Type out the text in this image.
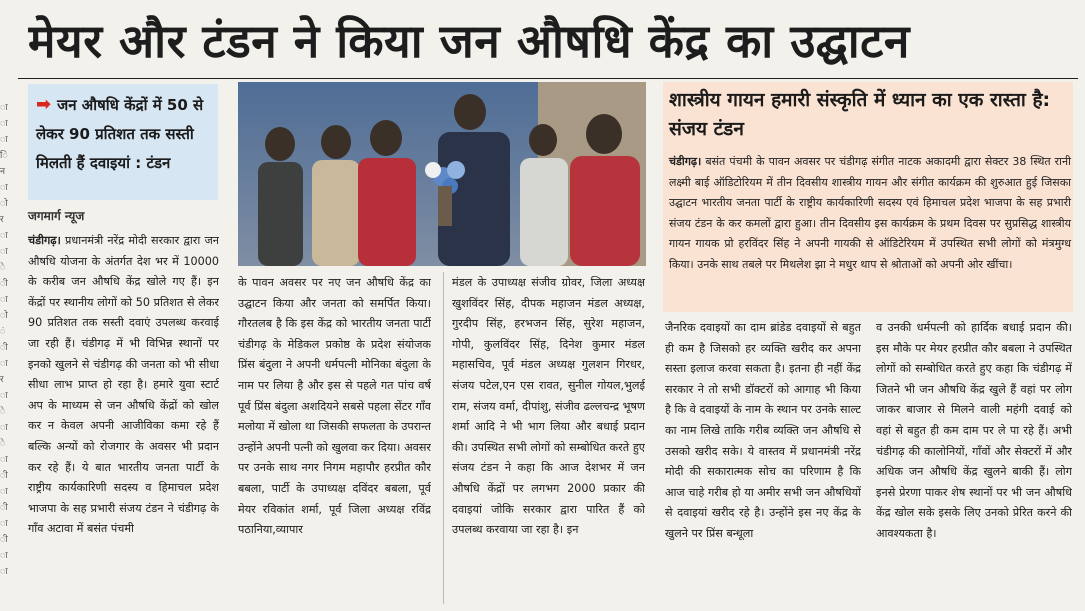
मेयर और टंडन ने किया जन औषधि केंद्र का उद्घाटन
ा
ा
ा
ि
न
ा
ो
र
ा
ा
े
ी
ा
ो
ं
ी
ा
र
ा
े
ा
े
ा
ी
ा
ी
ा
ी
ा
ा
➡ जन औषधि केंद्रों में 50 से लेकर 90 प्रतिशत तक सस्ती मिलती हैं दवाइयां : टंडन
जगमार्ग न्यूज
चंडीगढ़। प्रधानमंत्री नरेंद्र मोदी सरकार द्वारा जन औषधि योजना के अंतर्गत देश भर में 10000 के करीब जन औषधि केंद्र खोले गए हैं। इन केंद्रों पर स्थानीय लोगों को 50 प्रतिशत से लेकर 90 प्रतिशत तक सस्ती दवाएं उपलब्ध करवाई जा रही हैं। चंडीगढ़ में भी विभिन्न स्थानों पर इनको खुलने से चंडीगढ़ की जनता को भी सीधा सीधा लाभ प्राप्त हो रहा है। हमारे युवा स्टार्ट अप के माध्यम से जन औषधि केंद्रों को खोल कर न केवल अपनी आजीविका कमा रहे हैं बल्कि अन्यों को रोजगार के अवसर भी प्रदान कर रहे हैं। ये बात भारतीय जनता पार्टी के राष्ट्रीय कार्यकारिणी सदस्य व हिमाचल प्रदेश भाजपा के सह प्रभारी संजय टंडन ने चंडीगढ़ के गाँव अटावा में बसंत पंचमी
के पावन अवसर पर नए जन औषधि केंद्र का उद्घाटन किया और जनता को समर्पित किया। गौरतलब है कि इस केंद्र को भारतीय जनता पार्टी चंडीगढ़ के मेडिकल प्रकोष्ठ के प्रदेश संयोजक प्रिंस बंदुला ने अपनी धर्मपत्नी मोनिका बंदुला के नाम पर लिया है और इस से पहले गत पांच वर्ष पूर्व प्रिंस बंदुला अशदियने सबसे पहला सेंटर गाँव मलोया में खोला था जिसकी सफलता के उपरान्त उन्होंने अपनी पत्नी को खुलवा कर दिया। अवसर पर उनके साथ नगर निगम महापौर हरप्रीत कौर बबला, पार्टी के उपाध्यक्ष दविंदर बबला, पूर्व मेयर रविकांत शर्मा, पूर्व जिला अध्यक्ष रविंद्र पठानिया,व्यापार
मंडल के उपाध्यक्ष संजीव ग्रोवर, जिला अध्यक्ष खुशविंदर सिंह, दीपक महाजन मंडल अध्यक्ष, गुरदीप सिंह, हरभजन सिंह, सुरेश महाजन, गोपी, कुलविंदर सिंह, दिनेश कुमार मंडल महासचिव, पूर्व मंडल अध्यक्ष गुलशन गिरधर, संजय पटेल,एन एस रावत, सुनील गोयल,भुलई राम, संजय वर्मा, दीपांशु, संजीव ढल्लचन्द्र भूषण शर्मा आदि ने भी भाग लिया और बधाई प्रदान की। उपस्थित सभी लोगों को सम्बोधित करते हुए संजय टंडन ने कहा कि आज देशभर में जन औषधि केंद्रों पर लगभग 2000 प्रकार की दवाइयां जोकि सरकार द्वारा पारित हैं को उपलब्ध करवाया जा रहा है। इन
शास्त्रीय गायन हमारी संस्कृति में ध्यान का एक रास्ता है: संजय टंडन
चंडीगढ़। बसंत पंचमी के पावन अवसर पर चंडीगढ़ संगीत नाटक अकादमी द्वारा सेक्टर 38 स्थित रानी लक्ष्मी बाई ऑडिटोरियम में तीन दिवसीय शास्त्रीय गायन और संगीत कार्यक्रम की शुरुआत हुई जिसका उद्घाटन भारतीय जनता पार्टी के राष्ट्रीय कार्यकारिणी सदस्य एवं हिमाचल प्रदेश भाजपा के सह प्रभारी संजय टंडन के कर कमलों द्वारा हुआ। तीन दिवसीय इस कार्यक्रम के प्रथम दिवस पर सुप्रसिद्ध शास्त्रीय गायन गायक प्रो हरविंदर सिंह ने अपनी गायकी से ऑडिटेरियम में उपस्थित सभी लोगों को मंत्रमुग्ध किया। उनके साथ तबले पर मिथलेश झा ने मधुर थाप से श्रोताओं को अपनी ओर खींचा।
जैनरिक दवाइयों का दाम ब्रांडेड दवाइयों से बहुत ही कम है जिसको हर व्यक्ति खरीद कर अपना सस्ता इलाज करवा सकता है। इतना ही नहीं केंद्र सरकार ने तो सभी डॉक्टरों को आगाह भी किया है कि वे दवाइयों के नाम के स्थान पर उनके साल्ट का नाम लिखे ताकि गरीब व्यक्ति जन औषधि से उसको खरीद सके। ये वास्तव में प्रधानमंत्री नरेंद्र मोदी की सकारात्मक सोच का परिणाम है कि आज चाहे गरीब हो या अमीर सभी जन औषधियों से दवाइयां खरीद रहे है। उन्होंने इस नए केंद्र के खुलने पर प्रिंस बन्धूला
व उनकी धर्मपत्नी को हार्दिक बधाई प्रदान की। इस मौके पर मेयर हरप्रीत कौर बबला ने उपस्थित लोगों को सम्बोधित करते हुए कहा कि चंडीगढ़ में जितने भी जन औषधि केंद्र खुले हैं वहां पर लोग जाकर बाजार से मिलने वाली महंगी दवाई को वहां से बहुत ही कम दाम पर ले पा रहे हैं। अभी चंडीगढ़ की कालोनियों, गाँवों और सेक्टरों में और अधिक जन औषधि केंद्र खुलने बाकी हैं। लोग इनसे प्रेरणा पाकर शेष स्थानों पर भी जन औषधि केंद्र खोल सके इसके लिए उनको प्रेरित करने की आवश्यकता है।
